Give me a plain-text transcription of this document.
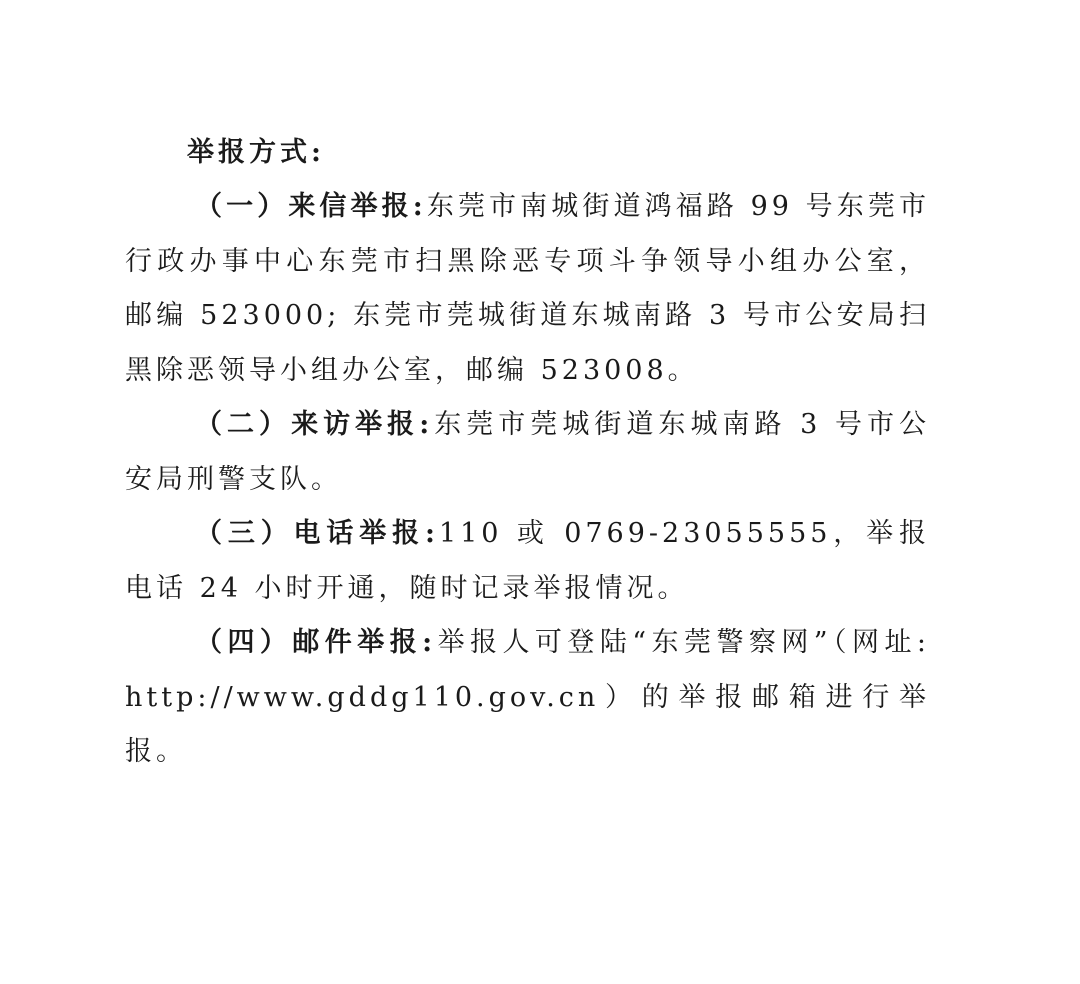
举报方式:

（一）来信举报:东莞市南城街道鸿福路 99 号东莞市行政办事中心东莞市扫黑除恶专项斗争领导小组办公室，邮编 523000; 东莞市莞城街道东城南路 3 号市公安局扫黑除恶领导小组办公室，邮编 523008。

（二）来访举报:东莞市莞城街道东城南路 3 号市公安局刑警支队。

（三）电话举报:110 或 0769-23055555，举报电话 24 小时开通，随时记录举报情况。

（四）邮件举报:举报人可登陆“东莞警察网”（网址: http://www.gddg110.gov.cn）的举报邮箱进行举报。
